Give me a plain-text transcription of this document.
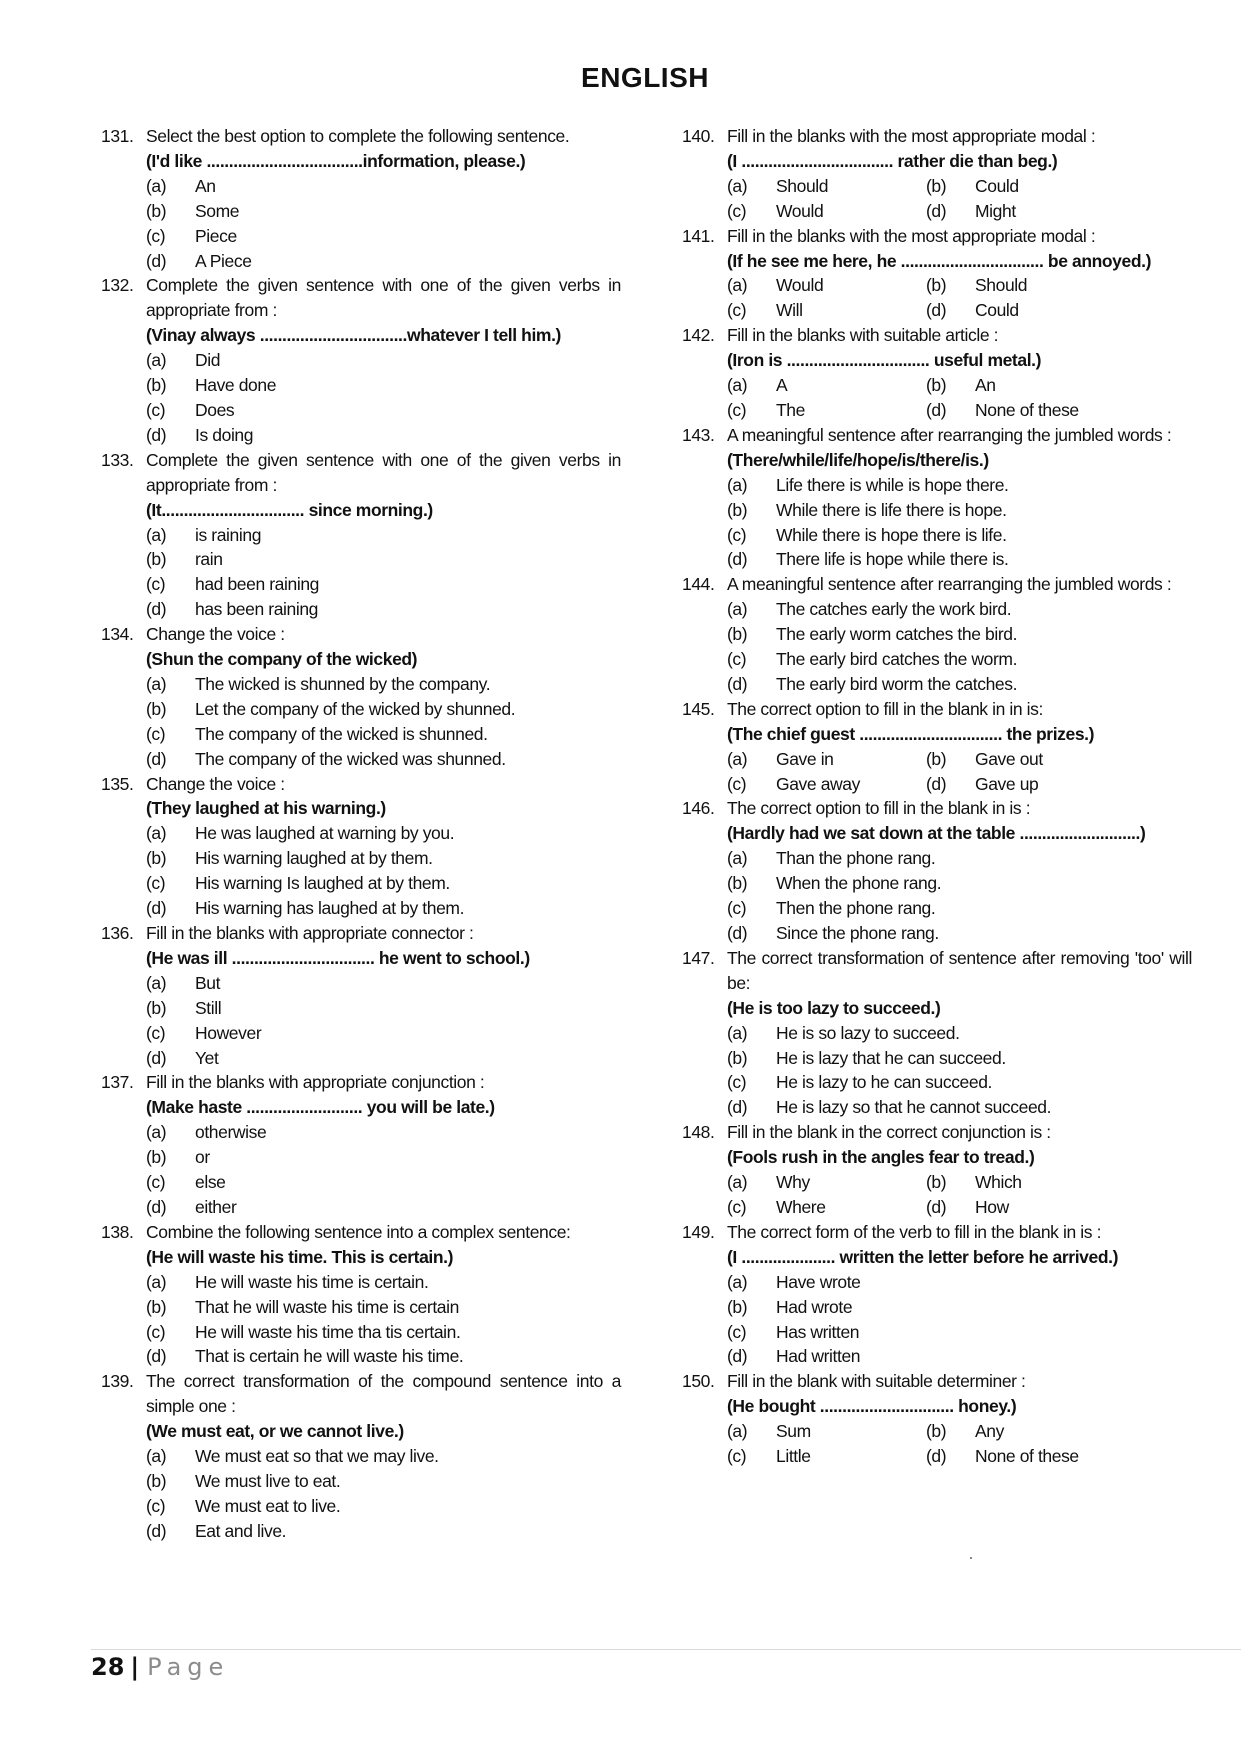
ENGLISH
131. Select the best option to complete the following sentence.
(I'd like ...................................information, please.)
(a) An
(b) Some
(c) Piece
(d) A Piece
132. Complete the given sentence with one of the given verbs in appropriate from :
(Vinay always .................................whatever I tell him.)
(a) Did
(b) Have done
(c) Does
(d) Is doing
133. Complete the given sentence with one of the given verbs in appropriate from :
(It................................ since morning.)
(a) is raining
(b) rain
(c) had been raining
(d) has been raining
134. Change the voice :
(Shun the company of the wicked)
(a) The wicked is shunned by the company.
(b) Let the company of the wicked by shunned.
(c) The company of the wicked is shunned.
(d) The company of the wicked was shunned.
135. Change the voice :
(They laughed at his warning.)
(a) He was laughed at warning by you.
(b) His warning laughed at by them.
(c) His warning Is laughed at by them.
(d) His warning has laughed at by them.
136. Fill in the blanks with appropriate connector :
(He was ill ................................ he went to school.)
(a) But
(b) Still
(c) However
(d) Yet
137. Fill in the blanks with appropriate conjunction :
(Make haste .......................... you will be late.)
(a) otherwise
(b) or
(c) else
(d) either
138. Combine the following sentence into a complex sentence:
(He will waste his time. This is certain.)
(a) He will waste his time is certain.
(b) That he will waste his time is certain
(c) He will waste his time tha tis certain.
(d) That is certain he will waste his time.
139. The correct transformation of the compound sentence into a simple one :
(We must eat, or we cannot live.)
(a) We must eat so that we may live.
(b) We must live to eat.
(c) We must eat to live.
(d) Eat and live.
140. Fill in the blanks with the most appropriate modal :
(I .................................. rather die than beg.)
(a) Should	(b) Could
(c) Would	(d) Might
141. Fill in the blanks with the most appropriate modal :
(If he see me here, he ................................ be annoyed.)
(a) Would	(b) Should
(c) Will	(d) Could
142. Fill in the blanks with suitable article :
(Iron is ................................ useful metal.)
(a) A	(b) An
(c) The	(d) None of these
143. A meaningful sentence after rearranging the jumbled words :
(There/while/life/hope/is/there/is.)
(a) Life there is while is hope there.
(b) While there is life there is hope.
(c) While there is hope there is life.
(d) There life is hope while there is.
144. A meaningful sentence after rearranging the jumbled words :
(a) The catches early the work bird.
(b) The early worm catches the bird.
(c) The early bird catches the worm.
(d) The early bird worm the catches.
145. The correct option to fill in the blank in in is:
(The chief guest ................................ the prizes.)
(a) Gave in	(b) Gave out
(c) Gave away	(d) Gave up
146. The correct option to fill in the blank in is :
(Hardly had we sat down at the table ...........................)
(a) Than the phone rang.
(b) When the phone rang.
(c) Then the phone rang.
(d) Since the phone rang.
147. The correct transformation of sentence after removing 'too' will be:
(He is too lazy to succeed.)
(a) He is so lazy to succeed.
(b) He is lazy that he can succeed.
(c) He is lazy to he can succeed.
(d) He is lazy so that he cannot succeed.
148. Fill in the blank in the correct conjunction is :
(Fools rush in the angles fear to tread.)
(a) Why	(b) Which
(c) Where	(d) How
149. The correct form of the verb to fill in the blank in is :
(I ..................... written the letter before he arrived.)
(a) Have wrote
(b) Had wrote
(c) Has written
(d) Had written
150. Fill in the blank with suitable determiner :
(He bought .............................. honey.)
(a) Sum	(b) Any
(c) Little	(d) None of these
28 | Page
